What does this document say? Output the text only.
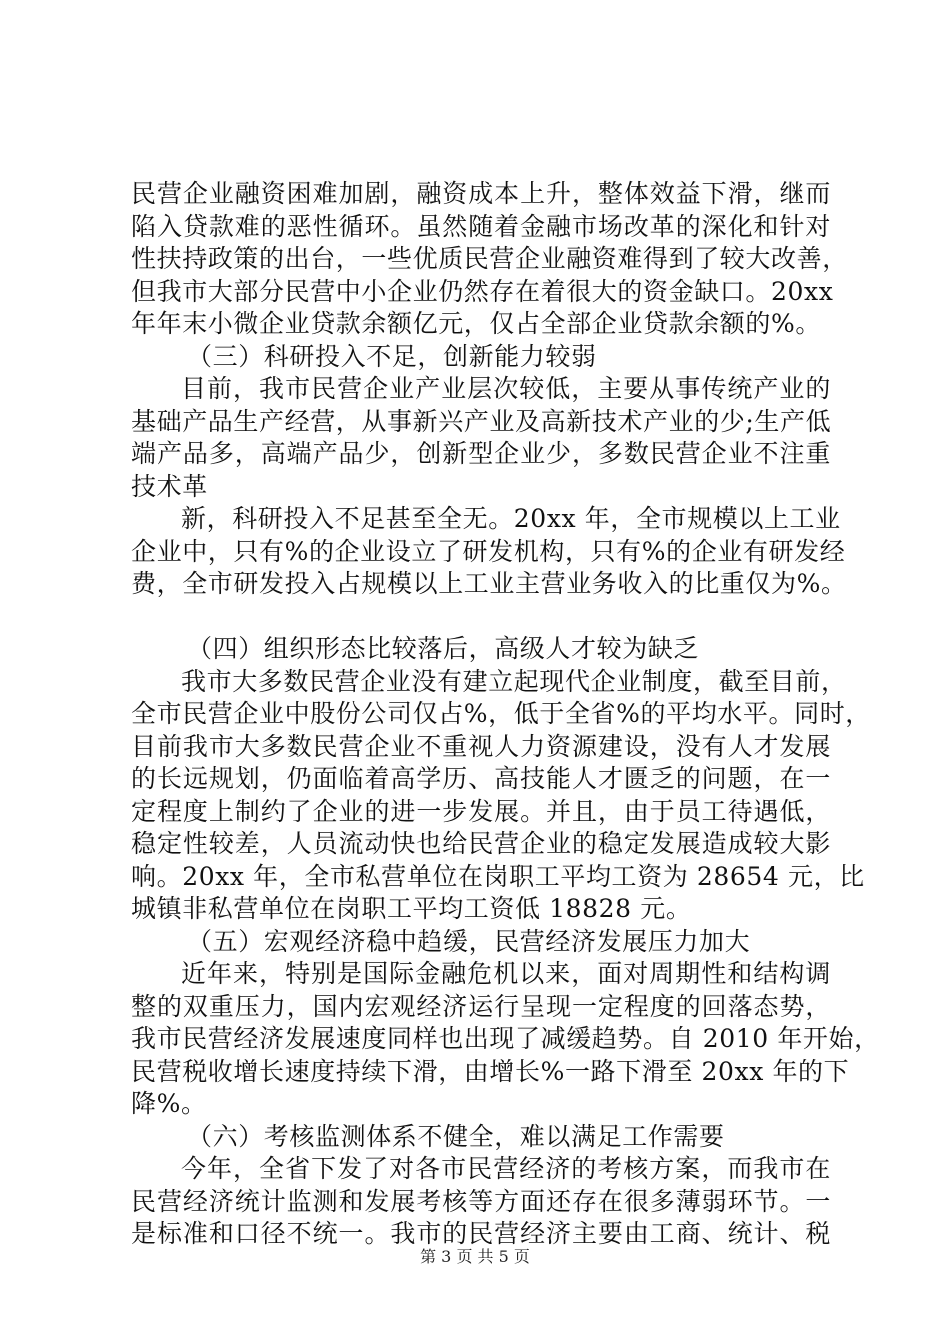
民营企业融资困难加剧，融资成本上升，整体效益下滑，继而
陷入贷款难的恶性循环。虽然随着金融市场改革的深化和针对
性扶持政策的出台，一些优质民营企业融资难得到了较大改善，
但我市大部分民营中小企业仍然存在着很大的资金缺口。20xx
年年末小微企业贷款余额亿元，仅占全部企业贷款余额的%。
（三）科研投入不足，创新能力较弱
目前，我市民营企业产业层次较低，主要从事传统产业的
基础产品生产经营，从事新兴产业及高新技术产业的少;生产低
端产品多，高端产品少，创新型企业少，多数民营企业不注重
技术革
新，科研投入不足甚至全无。20xx 年，全市规模以上工业
企业中，只有%的企业设立了研发机构，只有%的企业有研发经
费，全市研发投入占规模以上工业主营业务收入的比重仅为%。
（四）组织形态比较落后，高级人才较为缺乏
我市大多数民营企业没有建立起现代企业制度，截至目前，
全市民营企业中股份公司仅占%，低于全省%的平均水平。同时，
目前我市大多数民营企业不重视人力资源建设，没有人才发展
的长远规划，仍面临着高学历、高技能人才匮乏的问题，在一
定程度上制约了企业的进一步发展。并且，由于员工待遇低，
稳定性较差，人员流动快也给民营企业的稳定发展造成较大影
响。20xx 年，全市私营单位在岗职工平均工资为 28654 元，比
城镇非私营单位在岗职工平均工资低 18828 元。
（五）宏观经济稳中趋缓，民营经济发展压力加大
近年来，特别是国际金融危机以来，面对周期性和结构调
整的双重压力，国内宏观经济运行呈现一定程度的回落态势，
我市民营经济发展速度同样也出现了减缓趋势。自 2010 年开始，
民营税收增长速度持续下滑，由增长%一路下滑至 20xx 年的下
降%。
（六）考核监测体系不健全，难以满足工作需要
今年，全省下发了对各市民营经济的考核方案，而我市在
民营经济统计监测和发展考核等方面还存在很多薄弱环节。一
是标准和口径不统一。我市的民营经济主要由工商、统计、税
第 3 页 共 5 页
